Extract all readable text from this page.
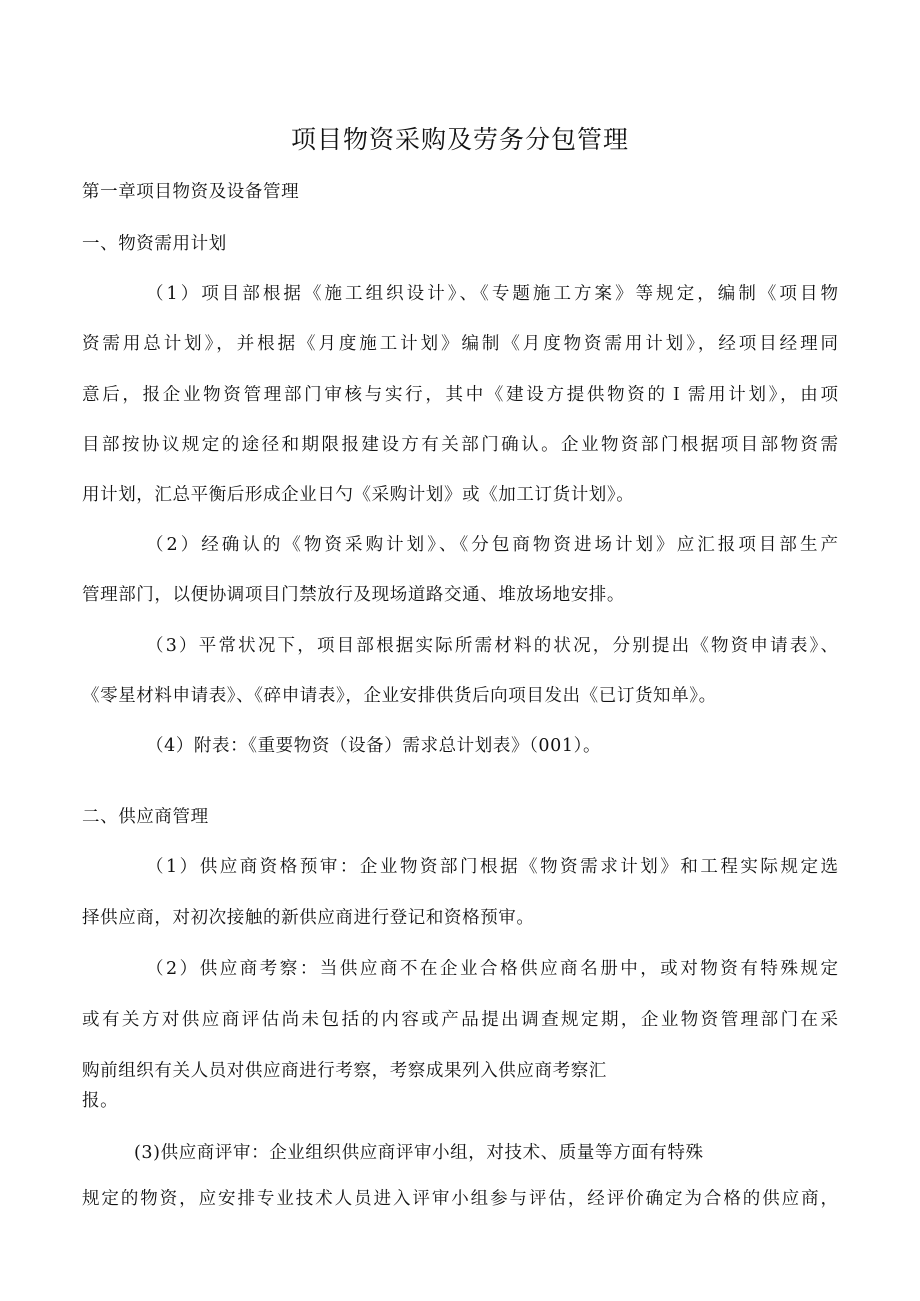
项目物资采购及劳务分包管理
第一章项目物资及设备管理
一、物资需用计划
（1）项目部根据《施工组织设计》、《专题施工方案》等规定，编制《项目物
资需用总计划》，并根据《月度施工计划》编制《月度物资需用计划》，经项目经理同
意后，报企业物资管理部门审核与实行，其中《建设方提供物资的Ｉ需用计划》，由项
目部按协议规定的途径和期限报建设方有关部门确认。企业物资部门根据项目部物资需
用计划，汇总平衡后形成企业日勺《采购计划》或《加工订货计划》。
（2）经确认的《物资采购计划》、《分包商物资进场计划》应汇报项目部生产
管理部门，以便协调项目门禁放行及现场道路交通、堆放场地安排。
（3）平常状况下，项目部根据实际所需材料的状况，分别提出《物资申请表》、
《零星材料申请表》、《碎申请表》，企业安排供货后向项目发出《已订货知单》。
（4）附表：《重要物资（设备）需求总计划表》（001）。
二、供应商管理
（1）供应商资格预审：企业物资部门根据《物资需求计划》和工程实际规定选
择供应商，对初次接触的新供应商进行登记和资格预审。
（2）供应商考察：当供应商不在企业合格供应商名册中，或对物资有特殊规定
或有关方对供应商评估尚未包括的内容或产品提出调查规定期，企业物资管理部门在采
购前组织有关人员对供应商进行考察，考察成果列入供应商考察汇
报。
(3)供应商评审：企业组织供应商评审小组，对技术、质量等方面有特殊
规定的物资，应安排专业技术人员进入评审小组参与评估，经评价确定为合格的供应商，
